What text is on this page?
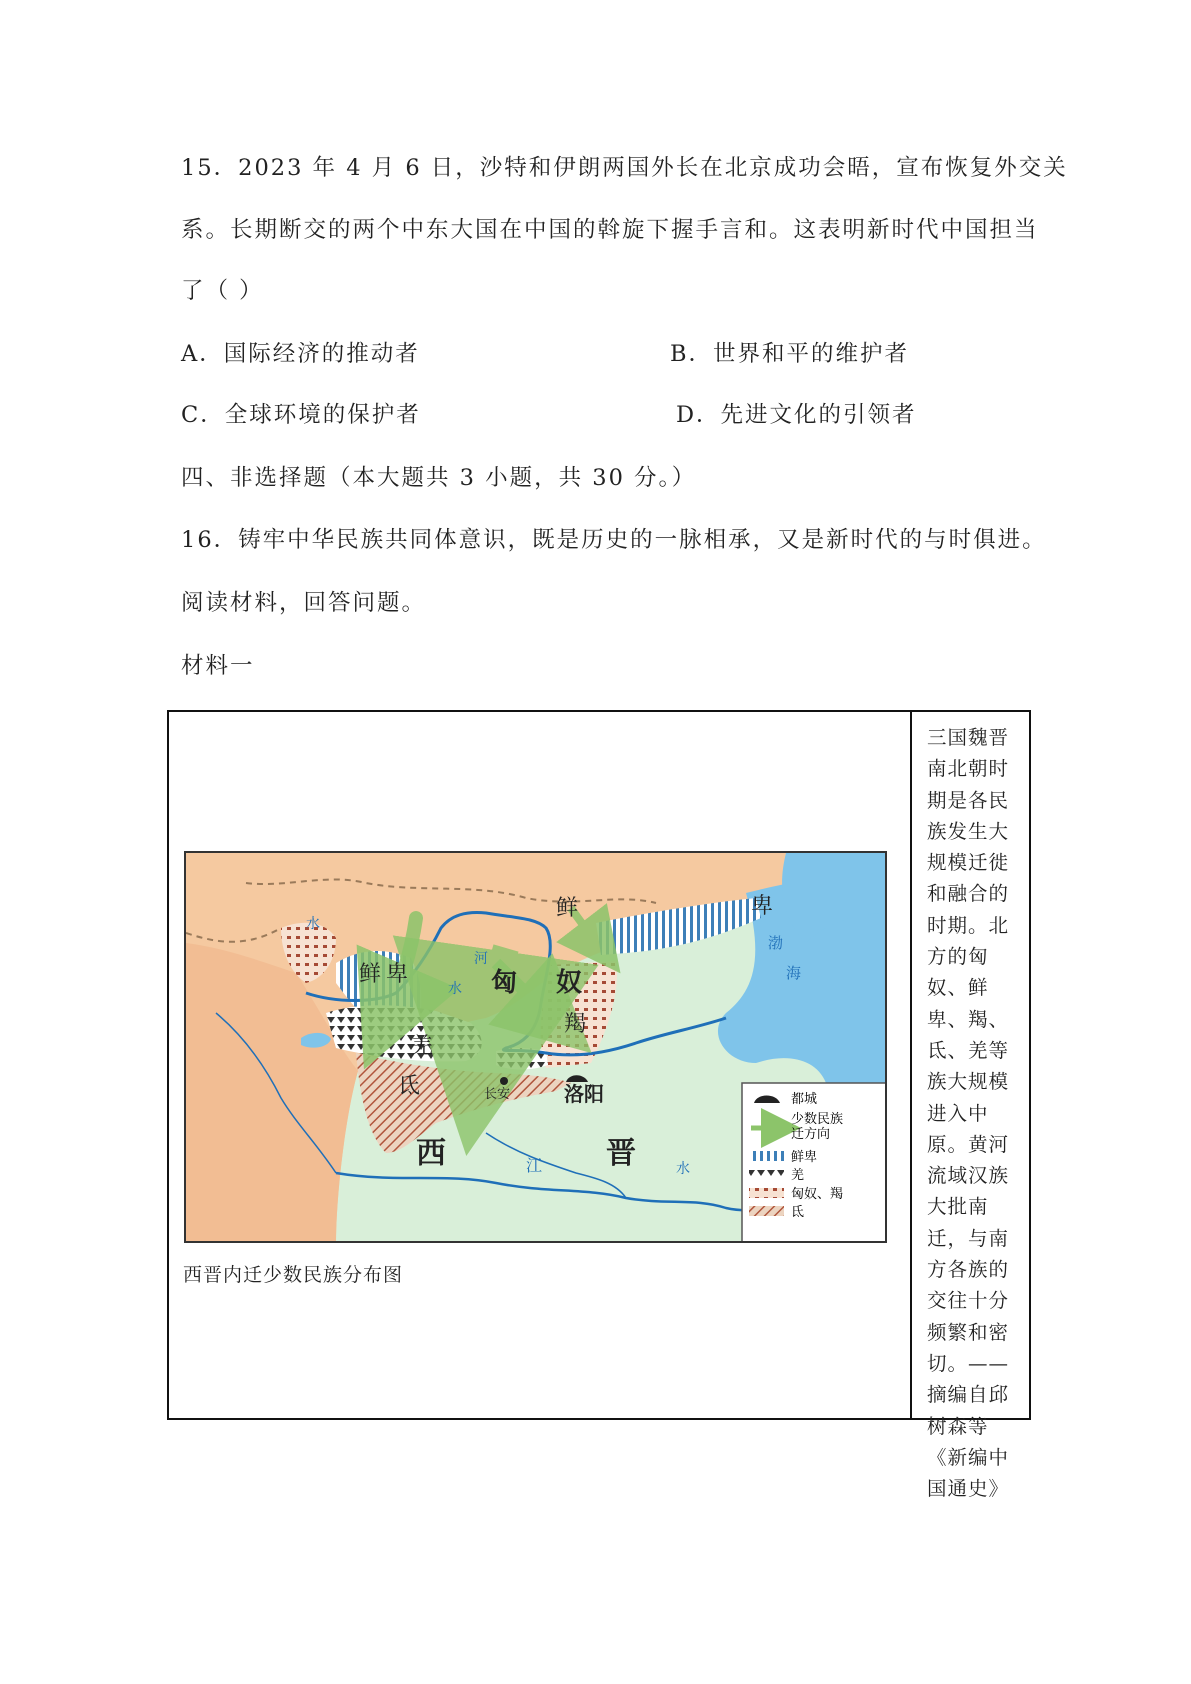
15．2023 年 4 月 6 日，沙特和伊朗两国外长在北京成功会晤，宣布恢复外交关
系。长期断交的两个中东大国在中国的斡旋下握手言和。这表明新时代中国担当
了（ ）
A．国际经济的推动者	B．世界和平的维护者
C．全球环境的保护者	D．先进文化的引领者
四、非选择题（本大题共 3 小题，共 30 分。）
16．铸牢中华民族共同体意识，既是历史的一脉相承，又是新时代的与时俱进。
阅读材料，回答问题。
材料一
三国魏晋南北朝时期是各民族发生大规模迁徙和融合的时期。北方的匈奴、鲜卑、羯、氐、羌等族大规模进入中原。黄河流域汉族大批南迁，与南方各族的交往十分频繁和密切。——摘编自邱树森等《新编中国通史》
鲜 卑
鲜	卑
匈 奴
羯
羌
氐	长安	洛阳
西	晋
河
水
水
水
江
渤
海
都城
少数民族
迁方向
鲜卑
羌
匈奴、羯
氐
西晋内迁少数民族分布图
